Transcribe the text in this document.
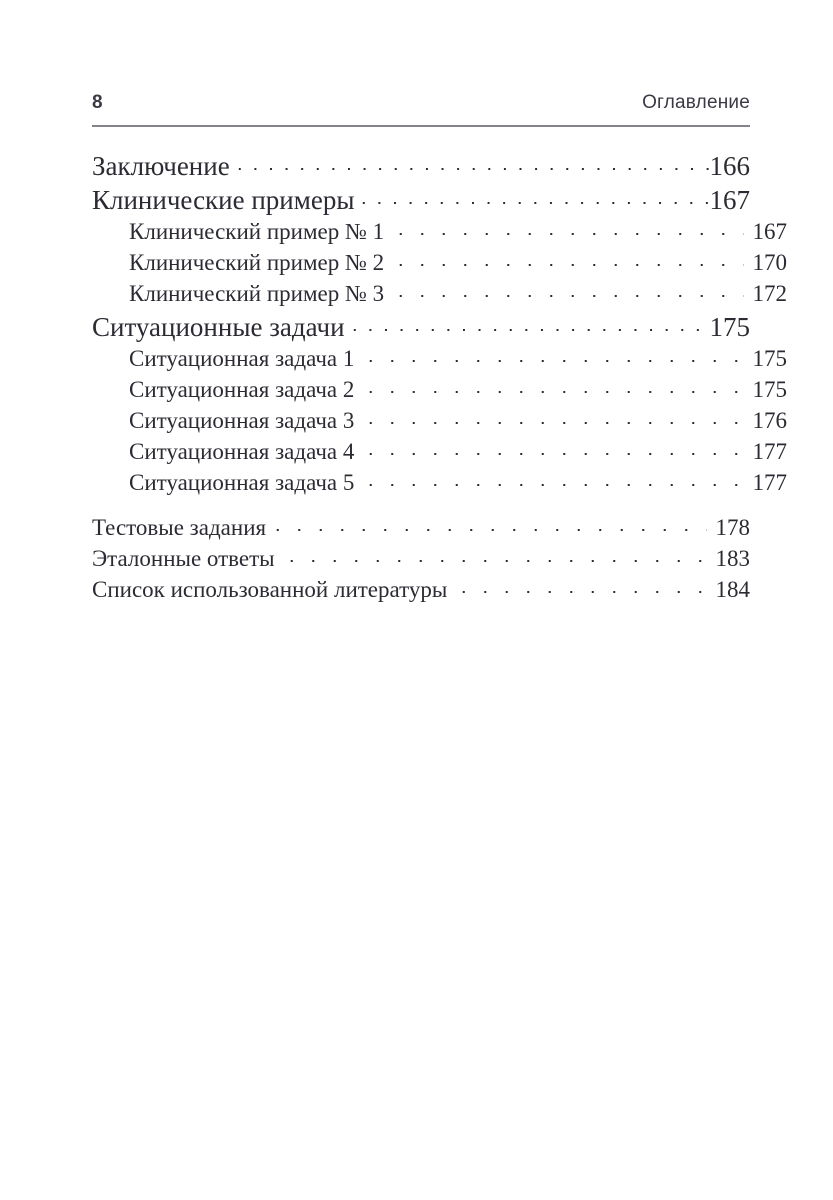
8	Оглавление
Заключение	166
Клинические примеры	167
Клинический пример № 1	167
Клинический пример № 2	170
Клинический пример № 3	172
Ситуационные задачи	175
Ситуационная задача 1	175
Ситуационная задача 2	175
Ситуационная задача 3	176
Ситуационная задача 4	177
Ситуационная задача 5	177
Тестовые задания	178
Эталонные ответы	183
Список использованной литературы	184
